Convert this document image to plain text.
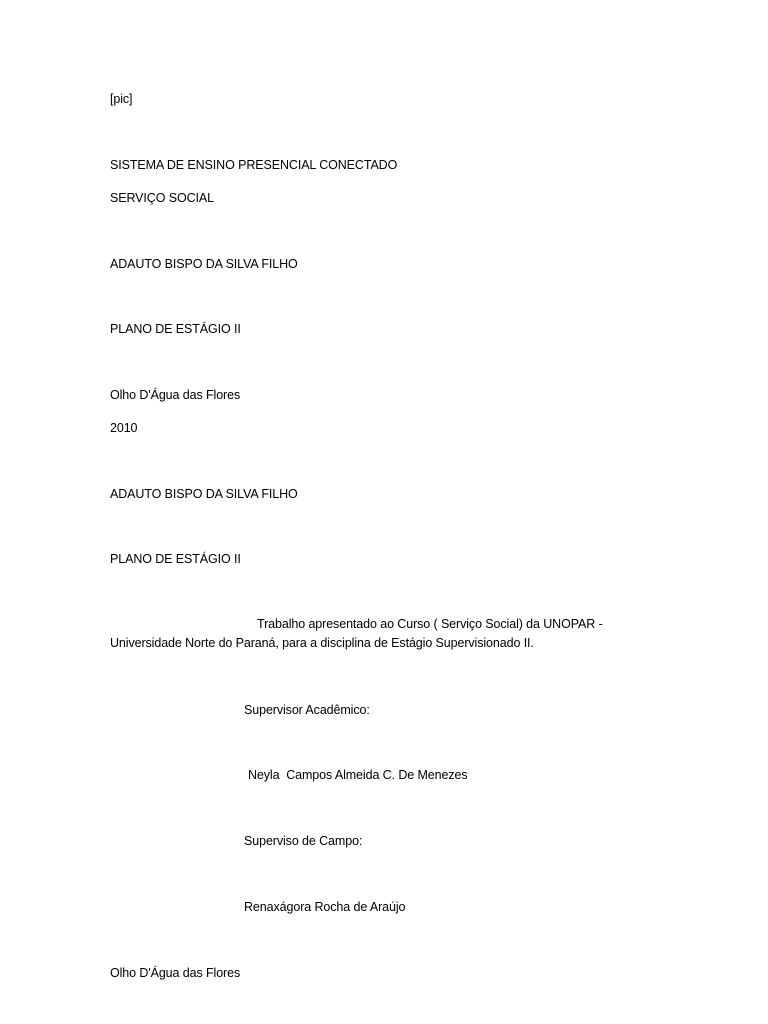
[pic]
SISTEMA DE ENSINO PRESENCIAL CONECTADO
SERVIÇO SOCIAL
ADAUTO BISPO DA SILVA FILHO
PLANO DE ESTÁGIO II
Olho D'Água das Flores
2010
ADAUTO BISPO DA SILVA FILHO
PLANO DE ESTÁGIO II
Trabalho apresentado ao Curso ( Serviço Social) da UNOPAR -
Universidade Norte do Paraná, para a disciplina de Estágio Supervisionado II.
Supervisor Acadêmico:
Neyla  Campos Almeida C. De Menezes
Superviso de Campo:
Renaxágora Rocha de Araújo
Olho D'Água das Flores
